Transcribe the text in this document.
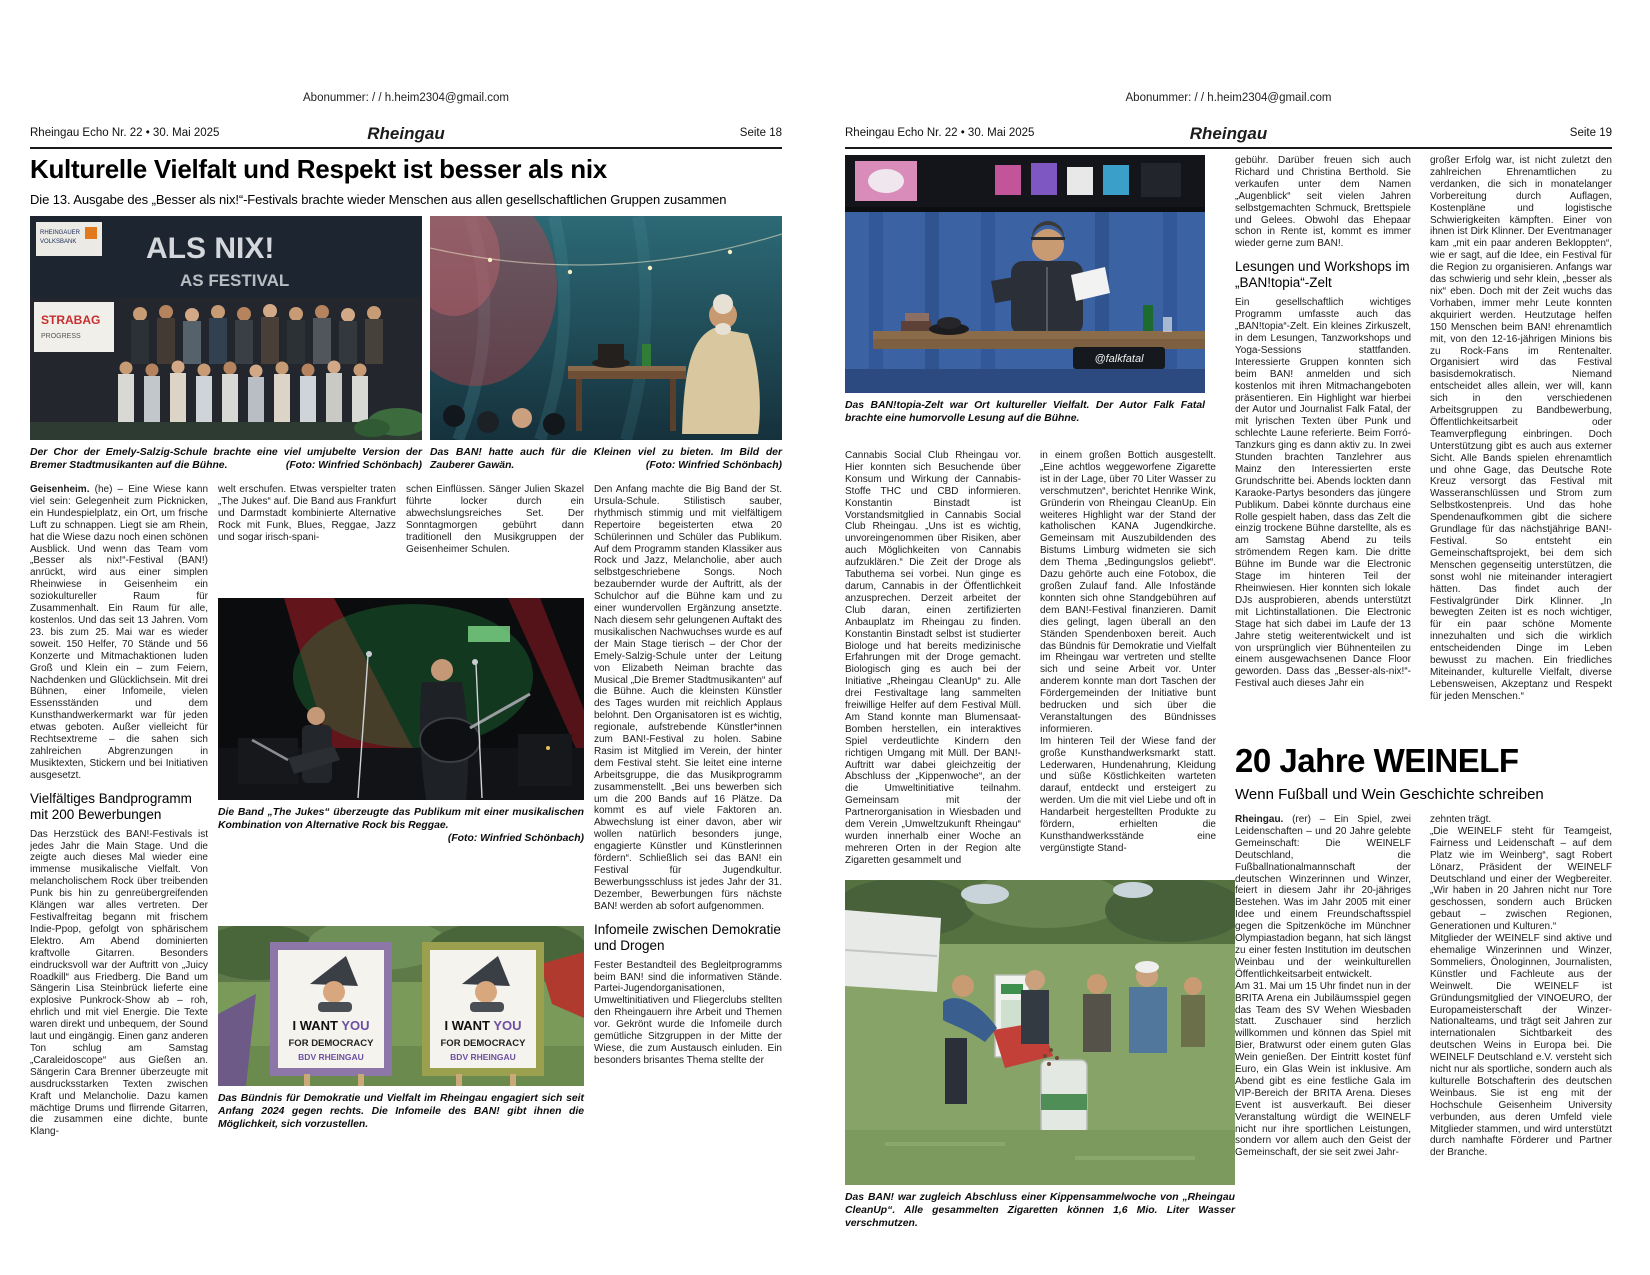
Abonummer: / / h.heim2304@gmail.com
Rheingau Echo Nr. 22 • 30. Mai 2025	Rheingau	Seite 18
Kulturelle Vielfalt und Respekt ist besser als nix
Die 13. Ausgabe des „Besser als nix!“-Festivals brachte wieder Menschen aus allen gesellschaftlichen Gruppen zusammen
ALS NIX!
AS FESTIVAL
RHEINGAUER
VOLKSBANK
STRABAG
PROGRESS
Der Chor der Emely-Salzig-Schule brachte eine viel umjubelte Version der Bremer Stadtmusikanten auf die Bühne.	(Foto: Winfried Schönbach)
Das BAN! hatte auch für die Kleinen viel zu bieten. Im Bild der Zauberer Gawän.	(Foto: Winfried Schönbach)

Geisenheim. (he) – Eine Wiese kann viel sein: Gelegenheit zum Picknicken, ein Hundespielplatz, ein Ort, um frische Luft zu schnappen. Liegt sie am Rhein, hat die Wiese dazu noch einen schönen Ausblick. Und wenn das Team vom „Besser als nix!“-Festival (BAN!) anrückt, wird aus einer simplen Rheinwiese in Geisenheim ein soziokultureller Raum für Zusammenhalt. Ein Raum für alle, kostenlos. Und das seit 13 Jahren. Vom 23. bis zum 25. Mai war es wieder soweit. 150 Helfer, 70 Stände und 56 Konzerte und Mitmachaktionen luden Groß und Klein ein – zum Feiern, Nachdenken und Glücklichsein. Mit drei Bühnen, einer Infomeile, vielen Essensständen und dem Kunsthandwerkermarkt war für jeden etwas geboten. Außer vielleicht für Rechtsextreme – die sahen sich zahlreichen Abgrenzungen in Musiktexten, Stickern und bei Initiativen ausgesetzt.

Vielfältiges Bandprogramm mit 200 Bewerbungen

Das Herzstück des BAN!-Festivals ist jedes Jahr die Main Stage. Und die zeigte auch dieses Mal wieder eine immense musikalische Vielfalt. Von melancholischem Rock über treibenden Punk bis hin zu genreübergreifenden Klängen war alles vertreten. Der Festivalfreitag begann mit frischem Indie-Ppop, gefolgt von sphärischem Elektro. Am Abend dominierten kraftvolle Gitarren. Besonders eindrucksvoll war der Auftritt von „Juicy Roadkill“ aus Friedberg. Die Band um Sängerin Lisa Steinbrück lieferte eine explosive Punkrock-Show ab – roh, ehrlich und mit viel Energie. Die Texte waren direkt und unbequem, der Sound laut und eingängig. Einen ganz anderen Ton schlug am Samstag „Caraleidoscope“ aus Gießen an. Sängerin Cara Brenner überzeugte mit ausdrucksstarken Texten zwischen Kraft und Melancholie. Dazu kamen mächtige Drums und flirrende Gitarren, die zusammen eine dichte, bunte Klang-

welt erschufen. Etwas verspielter traten „The Jukes“ auf. Die Band aus Frankfurt und Darmstadt kombinierte Alternative Rock mit Funk, Blues, Reggae, Jazz und sogar irisch-spani-

schen Einflüssen. Sänger Julien Skazel führte locker durch ein abwechslungsreiches Set. Der Sonntagmorgen gebührt dann traditionell den Musikgruppen der Geisenheimer Schulen.

Den Anfang machte die Big Band der St. Ursula-Schule. Stilistisch sauber, rhythmisch stimmig und mit vielfältigem Repertoire begeisterten etwa 20 Schülerinnen und Schüler das Publikum. Auf dem Programm standen Klassiker aus Rock und Jazz, Melancholie, aber auch selbstgeschriebene Songs. Noch bezaubernder wurde der Auftritt, als der Schulchor auf die Bühne kam und zu einer wundervollen Ergänzung ansetzte. Nach diesem sehr gelungenen Auftakt des musikalischen Nachwuchses wurde es auf der Main Stage tierisch – der Chor der Emely-Salzig-Schule unter der Leitung von Elizabeth Neiman brachte das Musical „Die Bremer Stadtmusikanten“ auf die Bühne. Auch die kleinsten Künstler des Tages wurden mit reichlich Applaus belohnt. Den Organisatoren ist es wichtig, regionale, aufstrebende Künstler*innen zum BAN!-Festival zu holen. Sabine Rasim ist Mitglied im Verein, der hinter dem Festival steht. Sie leitet eine interne Arbeitsgruppe, die das Musikprogramm zusammenstellt. „Bei uns bewerben sich um die 200 Bands auf 16 Plätze. Da kommt es auf viele Faktoren an. Abwechslung ist einer davon, aber wir wollen natürlich besonders junge, engagierte Künstler und Künstlerinnen fördern“. Schließlich sei das BAN! ein Festival für Jugendkultur. Bewerbungsschluss ist jedes Jahr der 31. Dezember, Bewerbungen fürs nächste BAN! werden ab sofort aufgenommen.

Infomeile zwischen Demokratie und Drogen

Fester Bestandteil des Begleitprogramms beim BAN! sind die informativen Stände. Partei-Jugendorganisationen, Umweltinitiativen und Fliegerclubs stellten den Rheingauern ihre Arbeit und Themen vor. Gekrönt wurde die Infomeile durch gemütliche Sitzgruppen in der Mitte der Wiese, die zum Austausch einluden. Ein besonders brisantes Thema stellte der

Die Band „The Jukes“ überzeugte das Publikum mit einer musikalischen Kombination von Alternative Rock bis Reggae.
(Foto: Winfried Schönbach)
I WANT YOU
FOR DEMOCRACY
BDV RHEINGAU
I WANT YOU
FOR DEMOCRACY
BDV RHEINGAU
Das Bündnis für Demokratie und Vielfalt im Rheingau engagiert sich seit Anfang 2024 gegen rechts. Die Infomeile des BAN! gibt ihnen die Möglichkeit, sich vorzustellen.
Abonummer: / / h.heim2304@gmail.com
Rheingau Echo Nr. 22 • 30. Mai 2025	Rheingau	Seite 19
@falkfatal
Das BAN!topia-Zelt war Ort kultureller Vielfalt. Der Autor Falk Fatal brachte eine humorvolle Lesung auf die Bühne.

Cannabis Social Club Rheingau vor. Hier konnten sich Besuchende über Konsum und Wirkung der Cannabis-Stoffe THC und CBD informieren. Konstantin Binstadt ist Vorstandsmitglied in Cannabis Social Club Rheingau. „Uns ist es wichtig, unvoreingenommen über Risiken, aber auch Möglichkeiten von Cannabis aufzuklären.“ Die Zeit der Droge als Tabuthema sei vorbei. Nun ginge es darum, Cannabis in der Öffentlichkeit anzusprechen. Derzeit arbeitet der Club daran, einen zertifizierten Anbauplatz im Rheingau zu finden. Konstantin Binstadt selbst ist studierter Biologe und hat bereits medizinische Erfahrungen mit der Droge gemacht. Biologisch ging es auch bei der Initiative „Rheingau CleanUp“ zu. Alle drei Festivaltage lang sammelten freiwillige Helfer auf dem Festival Müll. Am Stand konnte man Blumensaat-Bomben herstellen, ein interaktives Spiel verdeutlichte Kindern den richtigen Umgang mit Müll. Der BAN!-Auftritt war dabei gleichzeitig der Abschluss der „Kippenwoche“, an der die Umweltinitiative teilnahm. Gemeinsam mit der Partnerorganisation in Wiesbaden und dem Verein „Umweltzukunft Rheingau“ wurden innerhalb einer Woche an mehreren Orten in der Region alte Zigaretten gesammelt und

in einem großen Bottich ausgestellt. „Eine achtlos weggeworfene Zigarette ist in der Lage, über 70 Liter Wasser zu verschmutzen“, berichtet Henrike Wink, Gründerin von Rheingau CleanUp. Ein weiteres Highlight war der Stand der katholischen KANA Jugendkirche. Gemeinsam mit Auszubildenden des Bistums Limburg widmeten sie sich dem Thema „Bedingungslos geliebt“. Dazu gehörte auch eine Fotobox, die großen Zulauf fand. Alle Infostände konnten sich ohne Standgebühren auf dem BAN!-Festival finanzieren. Damit dies gelingt, lagen überall an den Ständen Spendenboxen bereit. Auch das Bündnis für Demokratie und Vielfalt im Rheingau war vertreten und stellte sich und seine Arbeit vor. Unter anderem konnte man dort Taschen der Fördergemeinden der Initiative bunt bedrucken und sich über die Veranstaltungen des Bündnisses informieren.

Im hinteren Teil der Wiese fand der große Kunsthandwerksmarkt statt. Lederwaren, Hundenahrung, Kleidung und süße Köstlichkeiten warteten darauf, entdeckt und ersteigert zu werden. Um die mit viel Liebe und oft in Handarbeit hergestellten Produkte zu fördern, erhielten die Kunsthandwerksstände eine vergünstigte Stand-

gebühr. Darüber freuen sich auch Richard und Christina Berthold. Sie verkaufen unter dem Namen „Augenblick“ seit vielen Jahren selbstgemachten Schmuck, Brettspiele und Gelees. Obwohl das Ehepaar schon in Rente ist, kommt es immer wieder gerne zum BAN!.

Lesungen und Workshops im „BAN!topia“-Zelt

Ein gesellschaftlich wichtiges Programm umfasste auch das „BAN!topia“-Zelt. Ein kleines Zirkuszelt, in dem Lesungen, Tanzworkshops und Yoga-Sessions stattfanden. Interessierte Gruppen konnten sich beim BAN! anmelden und sich kostenlos mit ihren Mitmachangeboten präsentieren. Ein Highlight war hierbei der Autor und Journalist Falk Fatal, der mit lyrischen Texten über Punk und schlechte Laune referierte. Beim Forró-Tanzkurs ging es dann aktiv zu. In zwei Stunden brachten Tanzlehrer aus Mainz den Interessierten erste Grundschritte bei. Abends lockten dann Karaoke-Partys besonders das jüngere Publikum. Dabei könnte durchaus eine Rolle gespielt haben, dass das Zelt die einzig trockene Bühne darstellte, als es am Samstag Abend zu teils strömendem Regen kam. Die dritte Bühne im Bunde war die Electronic Stage im hinteren Teil der Rheinwiesen. Hier konnten sich lokale DJs ausprobieren, abends unterstützt mit Lichtinstallationen. Die Electronic Stage hat sich dabei im Laufe der 13 Jahre stetig weiterentwickelt und ist von ursprünglich vier Bühnenteilen zu einem ausgewachsenen Dance Floor geworden. Dass das „Besser-als-nix!“-Festival auch dieses Jahr ein

großer Erfolg war, ist nicht zuletzt den zahlreichen Ehrenamtlichen zu verdanken, die sich in monatelanger Vorbereitung durch Auflagen, Kostenpläne und logistische Schwierigkeiten kämpften. Einer von ihnen ist Dirk Klinner. Der Eventmanager kam „mit ein paar anderen Bekloppten“, wie er sagt, auf die Idee, ein Festival für die Region zu organisieren. Anfangs war das schwierig und sehr klein, „besser als nix“ eben. Doch mit der Zeit wuchs das Vorhaben, immer mehr Leute konnten akquiriert werden. Heutzutage helfen 150 Menschen beim BAN! ehrenamtlich mit, von den 12-16-jährigen Minions bis zu Rock-Fans im Rentenalter. Organisiert wird das Festival basisdemokratisch. Niemand entscheidet alles allein, wer will, kann sich in den verschiedenen Arbeitsgruppen zu Bandbewerbung, Öffentlichkeitsarbeit oder Teamverpflegung einbringen. Doch Unterstützung gibt es auch aus externer Sicht. Alle Bands spielen ehrenamtlich und ohne Gage, das Deutsche Rote Kreuz versorgt das Festival mit Wasseranschlüssen und Strom zum Selbstkostenpreis. Und das hohe Spendenaufkommen gibt die sichere Grundlage für das nächstjährige BAN!-Festival. So entsteht ein Gemeinschaftsprojekt, bei dem sich Menschen gegenseitig unterstützen, die sonst wohl nie miteinander interagiert hätten. Das findet auch der Festivalgründer Dirk Klinner. „In bewegten Zeiten ist es noch wichtiger, für ein paar schöne Momente innezuhalten und sich die wirklich entscheidenden Dinge im Leben bewusst zu machen. Ein friedliches Miteinander, kulturelle Vielfalt, diverse Lebensweisen, Akzeptanz und Respekt für jeden Menschen.“

Das BAN! war zugleich Abschluss einer Kippensammelwoche von „Rheingau CleanUp“. Alle gesammelten Zigaretten können 1,6 Mio. Liter Wasser verschmutzen.
20 Jahre WEINELF
Wenn Fußball und Wein Geschichte schreiben

Rheingau. (rer) – Ein Spiel, zwei Leidenschaften – und 20 Jahre gelebte Gemeinschaft: Die WEINELF Deutschland, die Fußballnationalmannschaft der deutschen Winzerinnen und Winzer, feiert in diesem Jahr ihr 20-jähriges Bestehen. Was im Jahr 2005 mit einer Idee und einem Freundschaftsspiel gegen die Spitzenköche im Münchner Olympiastadion begann, hat sich längst zu einer festen Institution im deutschen Weinbau und der weinkulturellen Öffentlichkeitsarbeit entwickelt.

Am 31. Mai um 15 Uhr findet nun in der BRITA Arena ein Jubiläumsspiel gegen das Team des SV Wehen Wiesbaden statt. Zuschauer sind herzlich willkommen und können das Spiel mit Bier, Bratwurst oder einem guten Glas Wein genießen. Der Eintritt kostet fünf Euro, ein Glas Wein ist inklusive. Am Abend gibt es eine festliche Gala im VIP-Bereich der BRITA Arena. Dieses Event ist ausverkauft. Bei dieser Veranstaltung würdigt die WEINELF nicht nur ihre sportlichen Leistungen, sondern vor allem auch den Geist der Gemeinschaft, der sie seit zwei Jahr-

zehnten trägt.

„Die WEINELF steht für Teamgeist, Fairness und Leidenschaft – auf dem Platz wie im Weinberg“, sagt Robert Lönarz, Präsident der WEINELF Deutschland und einer der Wegbereiter. „Wir haben in 20 Jahren nicht nur Tore geschossen, sondern auch Brücken gebaut – zwischen Regionen, Generationen und Kulturen.“

Mitglieder der WEINELF sind aktive und ehemalige Winzerinnen und Winzer, Sommeliers, Önologinnen, Journalisten, Künstler und Fachleute aus der Weinwelt. Die WEINELF ist Gründungsmitglied der VINOEURO, der Europameisterschaft der Winzer-Nationalteams, und trägt seit Jahren zur internationalen Sichtbarkeit des deutschen Weins in Europa bei. Die WEINELF Deutschland e.V. versteht sich nicht nur als sportliche, sondern auch als kulturelle Botschafterin des deutschen Weinbaus. Sie ist eng mit der Hochschule Geisenheim University verbunden, aus deren Umfeld viele Mitglieder stammen, und wird unterstützt durch namhafte Förderer und Partner der Branche.
